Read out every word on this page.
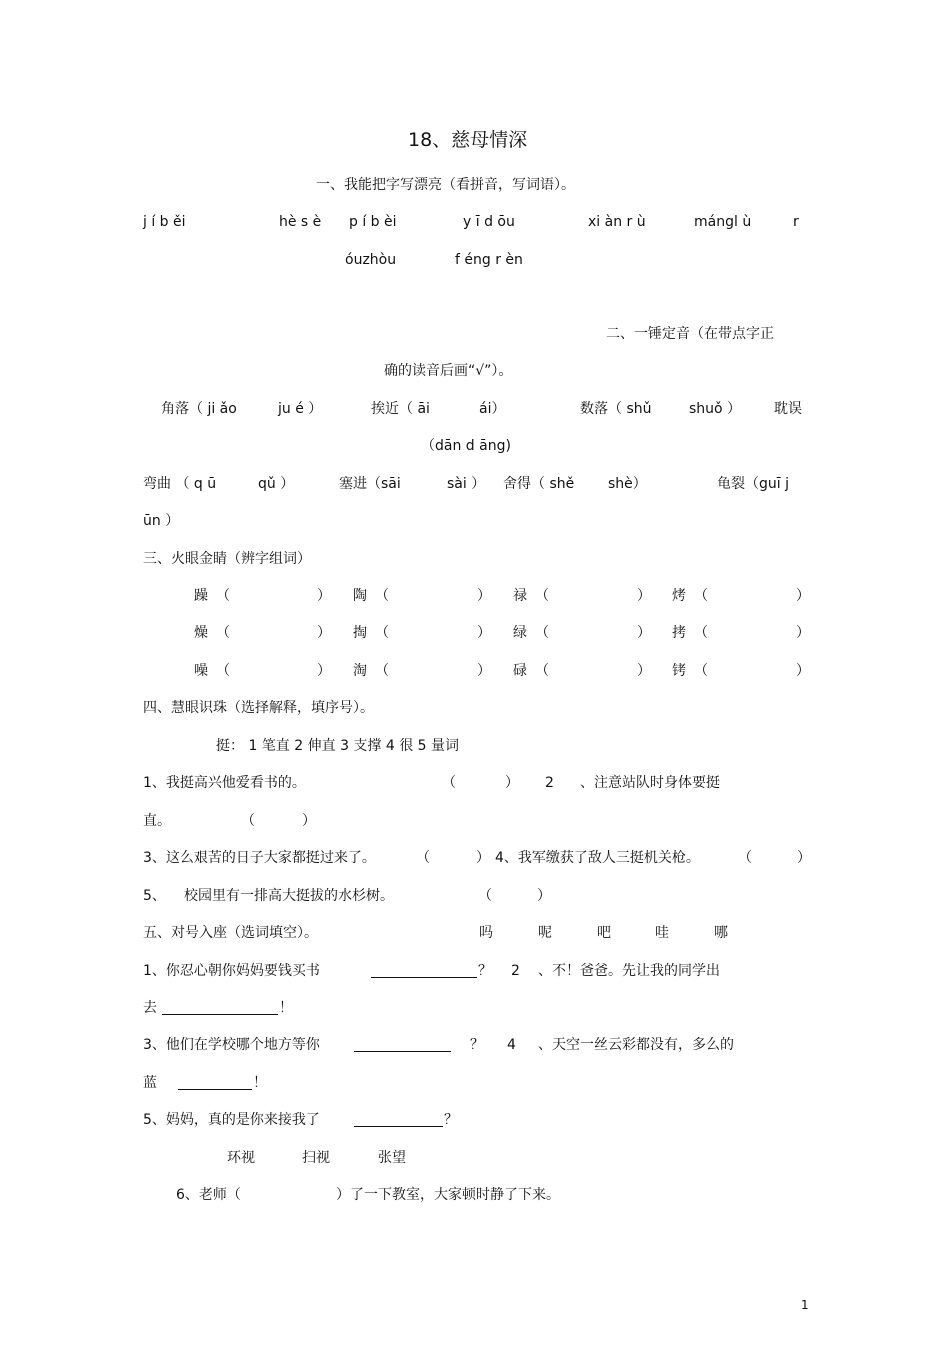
18、慈母情深
一、我能把字写漂亮（看拼音，写词语）。
j í b ěi	hè s è p í b èi	y ī d ōu	xi àn r ù	mángl ù	r
óuzhòu	f éng r èn
二、一锤定音（在带点字正
确的读音后画“√”）。
角落（ ji ǎo	ju é ）	挨近（ āi	ái）	数落（ shǔ	shuǒ ） 耽误
（dān d āng)
弯曲 （ q ū	qǔ ）	塞进（sāi	sài ） 舍得（ shě shè）	龟裂（guī j
ūn ）
三、火眼金睛（辨字组词）
躁 （	） 陶 （	） 禄 （	） 烤 （	）
燥 （	） 掏 （	） 绿 （	） 拷 （	）
噪 （	） 淘 （	） 碌 （	） 铐 （	）
四、慧眼识珠（选择解释，填序号）。
挺： 1 笔直 2 伸直 3 支撑 4 很 5 量词
1、我挺高兴他爱看书的。	（	） 2 、注意站队时身体要挺
直。	（	）
3、这么艰苦的日子大家都挺过来了。	（	） 4、我军缴获了敌人三挺机关枪。	（	）
5、 校园里有一排高大挺拔的水杉树。	（	）
五、对号入座（选词填空）。	吗	呢	吧	哇	哪
1、你忍心朝你妈妈要钱买书	？ 2 、不！爸爸。先让我的同学出
去	！
3、他们在学校哪个地方等你	？ 4 、天空一丝云彩都没有，多么的
蓝	！
5、妈妈，真的是你来接我了	？
环视	扫视	张望
6、老师（	）了一下教室，大家顿时静了下来。
1
